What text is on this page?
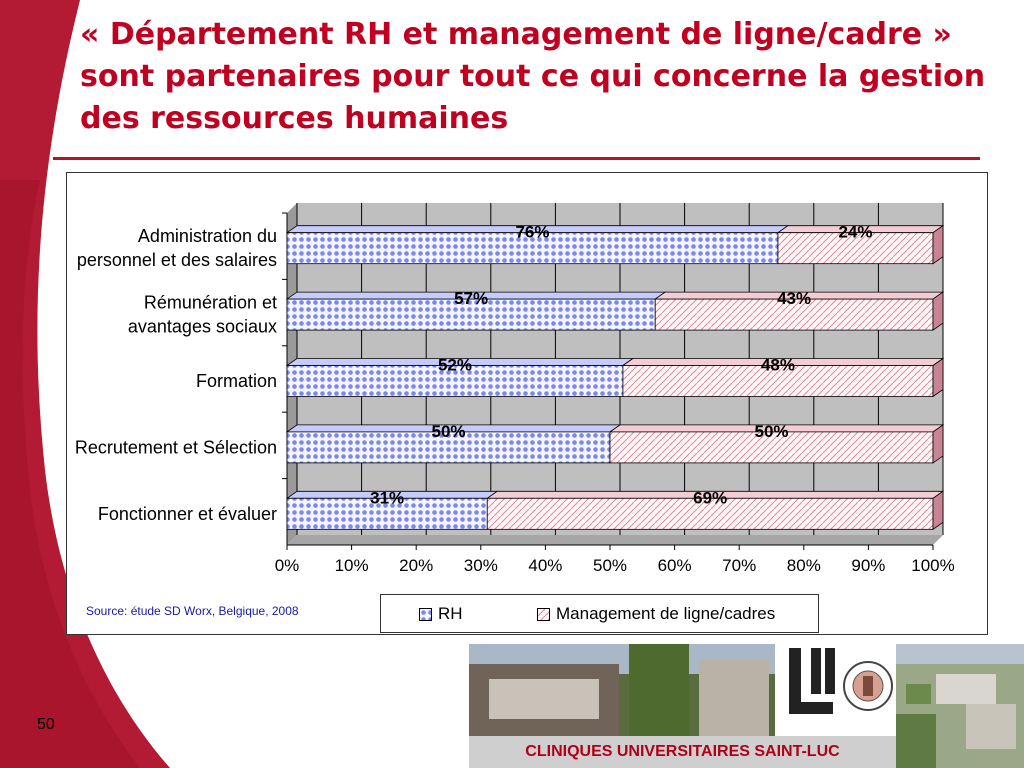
« Département RH et management de ligne/cadre » sont partenaires pour tout ce qui concerne la gestion des ressources humaines
0% 10% 20% 30% 40% 50% 60% 70% 80% 90% 100%
Administration du
personnel et des salaires
76%	24%
Rémunération et
avantages sociaux
57%	43%
Formation
52%	48%
Recrutement et Sélection
50%	50%
Fonctionner et évaluer
31%	69%
Source: étude SD Worx, Belgique, 2008	RH	Management de ligne/cadres
50
CLINIQUES UNIVERSITAIRES SAINT-LUC
